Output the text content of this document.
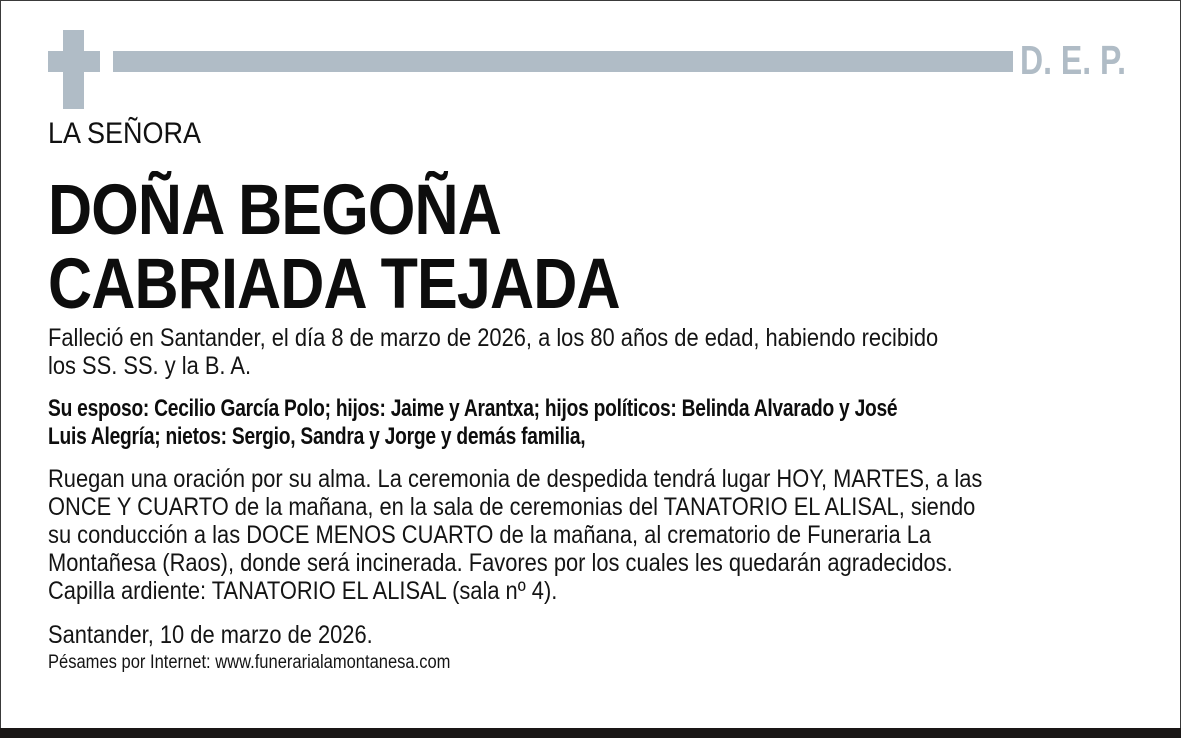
D. E. P.
LA SEÑORA
DOÑA BEGOÑA
CABRIADA TEJADA
Falleció en Santander, el día 8 de marzo de 2026, a los 80 años de edad, habiendo recibido
los SS. SS. y la B. A.
Su esposo: Cecilio García Polo; hijos: Jaime y Arantxa; hijos políticos: Belinda Alvarado y José
Luis Alegría; nietos: Sergio, Sandra y Jorge y demás familia,
Ruegan una oración por su alma. La ceremonia de despedida tendrá lugar HOY, MARTES, a las
ONCE Y CUARTO de la mañana, en la sala de ceremonias del TANATORIO EL ALISAL, siendo
su conducción a las DOCE MENOS CUARTO de la mañana, al crematorio de Funeraria La
Montañesa (Raos), donde será incinerada. Favores por los cuales les quedarán agradecidos.
Capilla ardiente: TANATORIO EL ALISAL (sala nº 4).
Santander, 10 de marzo de 2026.
Pésames por Internet: www.funerarialamontanesa.com
